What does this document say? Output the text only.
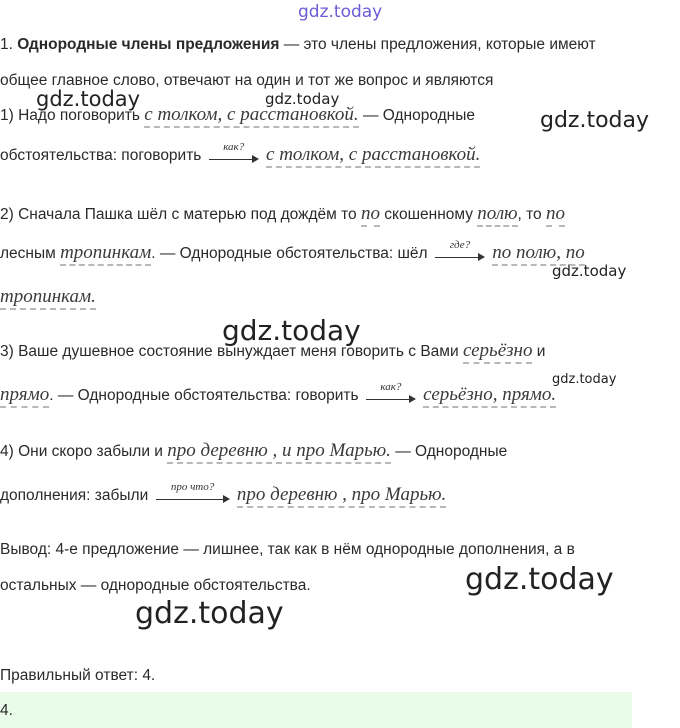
gdz.today
gdz.today	gdz.today
gdz.today
gdz.today
gdz.today
gdz.today
gdz.today
gdz.today
1. Однородные члены предложения — это члены предложения, которые имеют
общее главное слово, отвечают на один и тот же вопрос и являются
1) Надо поговорить с толком, с расстановкой. — Однородные
обстоятельства: поговорить
как?	с толком, с расстановкой.
2) Сначала Пашка шёл с матерью под дождём то по скошенному полю, то по
лесным тропинкам. — Однородные обстоятельства: шёл
где?	по полю, по
тропинкам.
3) Ваше душевное состояние вынуждает меня говорить с Вами серьёзно и
прямо. — Однородные обстоятельства: говорить
как?	серьёзно, прямо.
4) Они скоро забыли и про деревню , и про Марью. — Однородные
дополнения: забыли
про что?	про деревню , про Марью.
Вывод: 4-е предложение — лишнее, так как в нём однородные дополнения, а в
остальных — однородные обстоятельства.
Правильный ответ: 4.
4.
